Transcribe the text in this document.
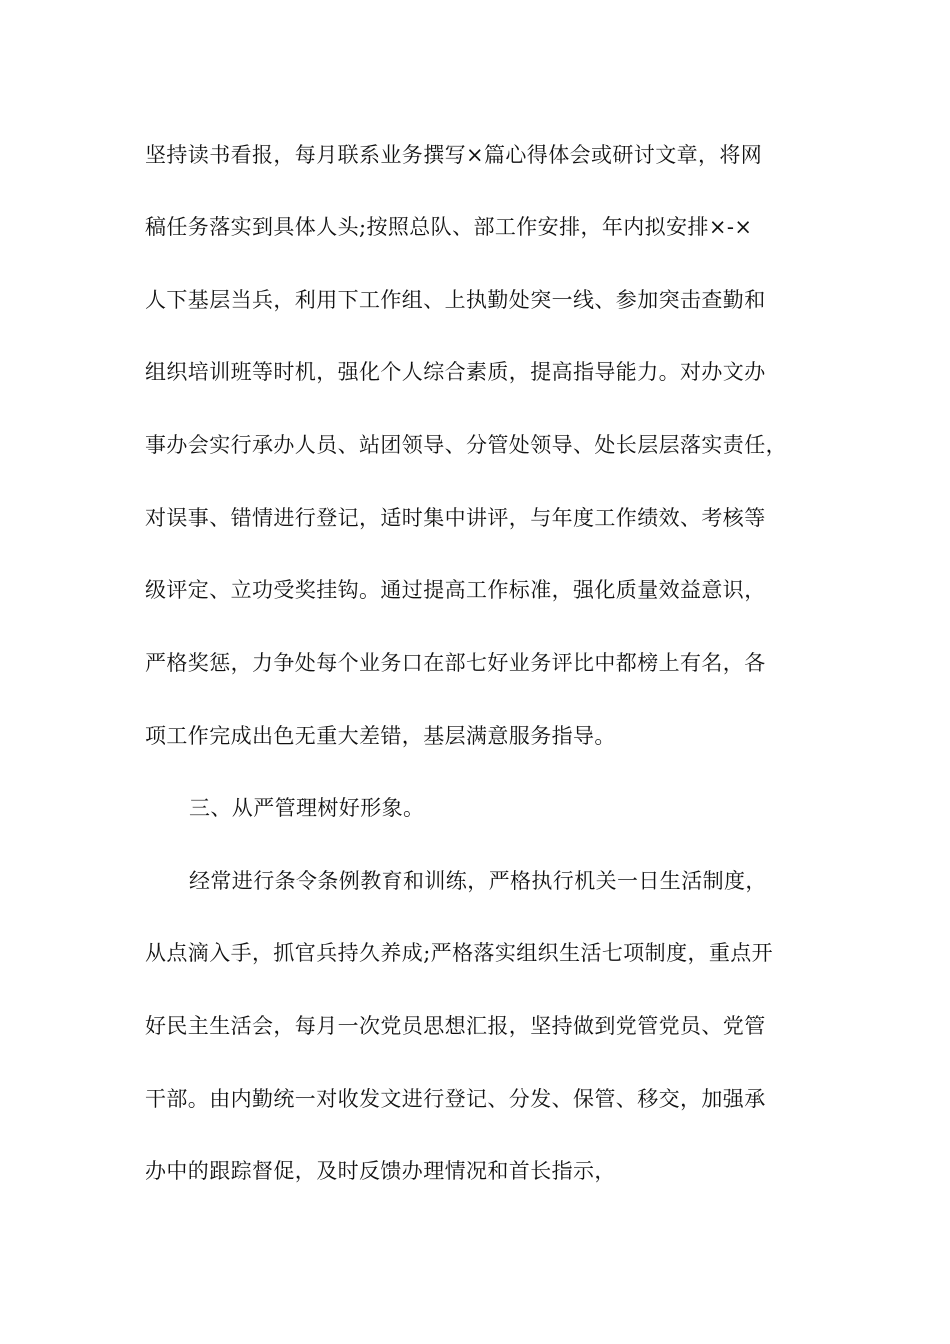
坚持读书看报，每月联系业务撰写×篇心得体会或研讨文章，将网
稿任务落实到具体人头;按照总队、部工作安排，年内拟安排×-×
人下基层当兵，利用下工作组、上执勤处突一线、参加突击查勤和
组织培训班等时机，强化个人综合素质，提高指导能力。对办文办
事办会实行承办人员、站团领导、分管处领导、处长层层落实责任，
对误事、错情进行登记，适时集中讲评，与年度工作绩效、考核等
级评定、立功受奖挂钩。通过提高工作标准，强化质量效益意识，
严格奖惩，力争处每个业务口在部七好业务评比中都榜上有名，各
项工作完成出色无重大差错，基层满意服务指导。
三、从严管理树好形象。
经常进行条令条例教育和训练，严格执行机关一日生活制度，
从点滴入手，抓官兵持久养成;严格落实组织生活七项制度，重点开
好民主生活会，每月一次党员思想汇报，坚持做到党管党员、党管
干部。由内勤统一对收发文进行登记、分发、保管、移交，加强承
办中的跟踪督促，及时反馈办理情况和首长指示，
